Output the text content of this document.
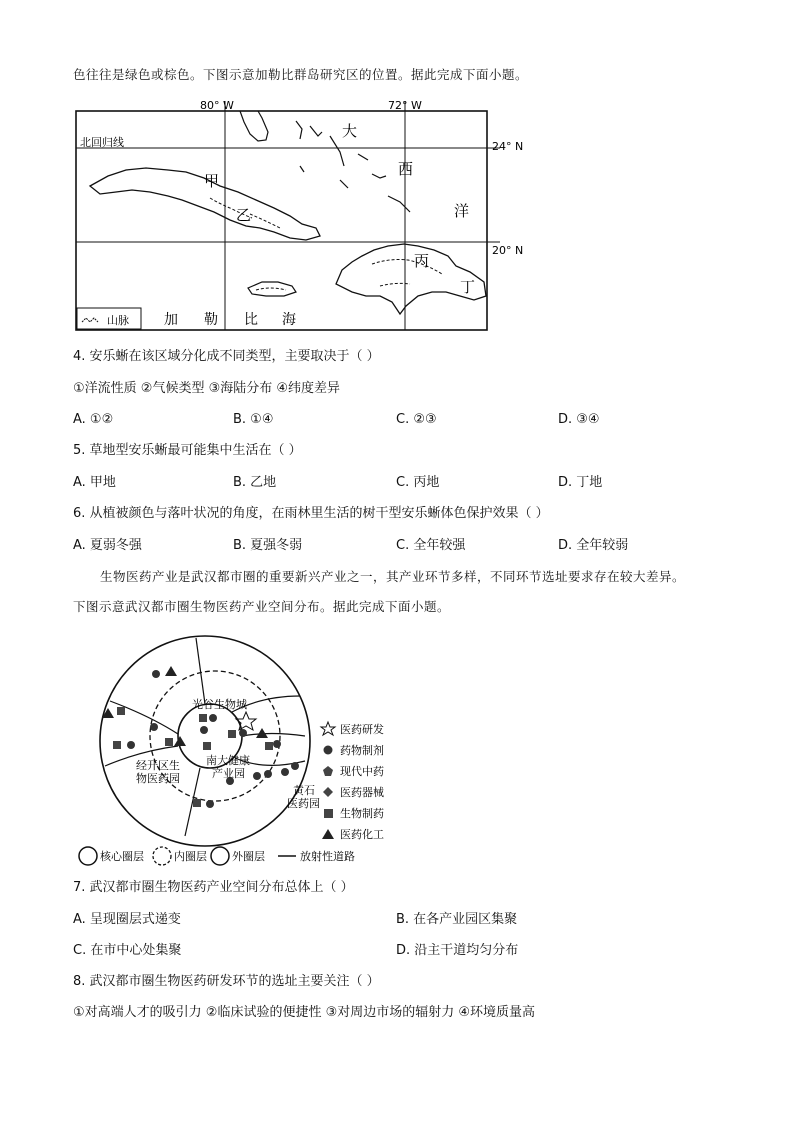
色往往是绿色或棕色。下图示意加勒比群岛研究区的位置。据此完成下面小题。
80° W	72° W
24° N
20° N
北回归线
甲
乙
丙
丁
大
西
洋
加 勒 比 海
山脉
4. 安乐蜥在该区域分化成不同类型，主要取决于（ ）
①洋流性质 ②气候类型 ③海陆分布 ④纬度差异
A. ①②	B. ①④	C. ②③	D. ③④
5. 草地型安乐蜥最可能集中生活在（ ）
A. 甲地	B. 乙地	C. 丙地	D. 丁地
6. 从植被颜色与落叶状况的角度，在雨林里生活的树干型安乐蜥体色保护效果（ ）
A. 夏弱冬强	B. 夏强冬弱	C. 全年较强	D. 全年较弱
生物医药产业是武汉都市圈的重要新兴产业之一，其产业环节多样，不同环节选址要求存在较大差异。
下图示意武汉都市圈生物医药产业空间分布。据此完成下面小题。
光谷生物城
经开区生
物医药园
南大健康
产业园
黄石
医药园
医药研发
药物制剂
现代中药
医药器械
生物制药
医药化工
核心圈层	内圈层 外圈层	放射性道路
7. 武汉都市圈生物医药产业空间分布总体上（ ）
A. 呈现圈层式递变	B. 在各产业园区集聚
C. 在市中心处集聚	D. 沿主干道均匀分布
8. 武汉都市圈生物医药研发环节的选址主要关注（ ）
①对高端人才的吸引力 ②临床试验的便捷性 ③对周边市场的辐射力 ④环境质量高
